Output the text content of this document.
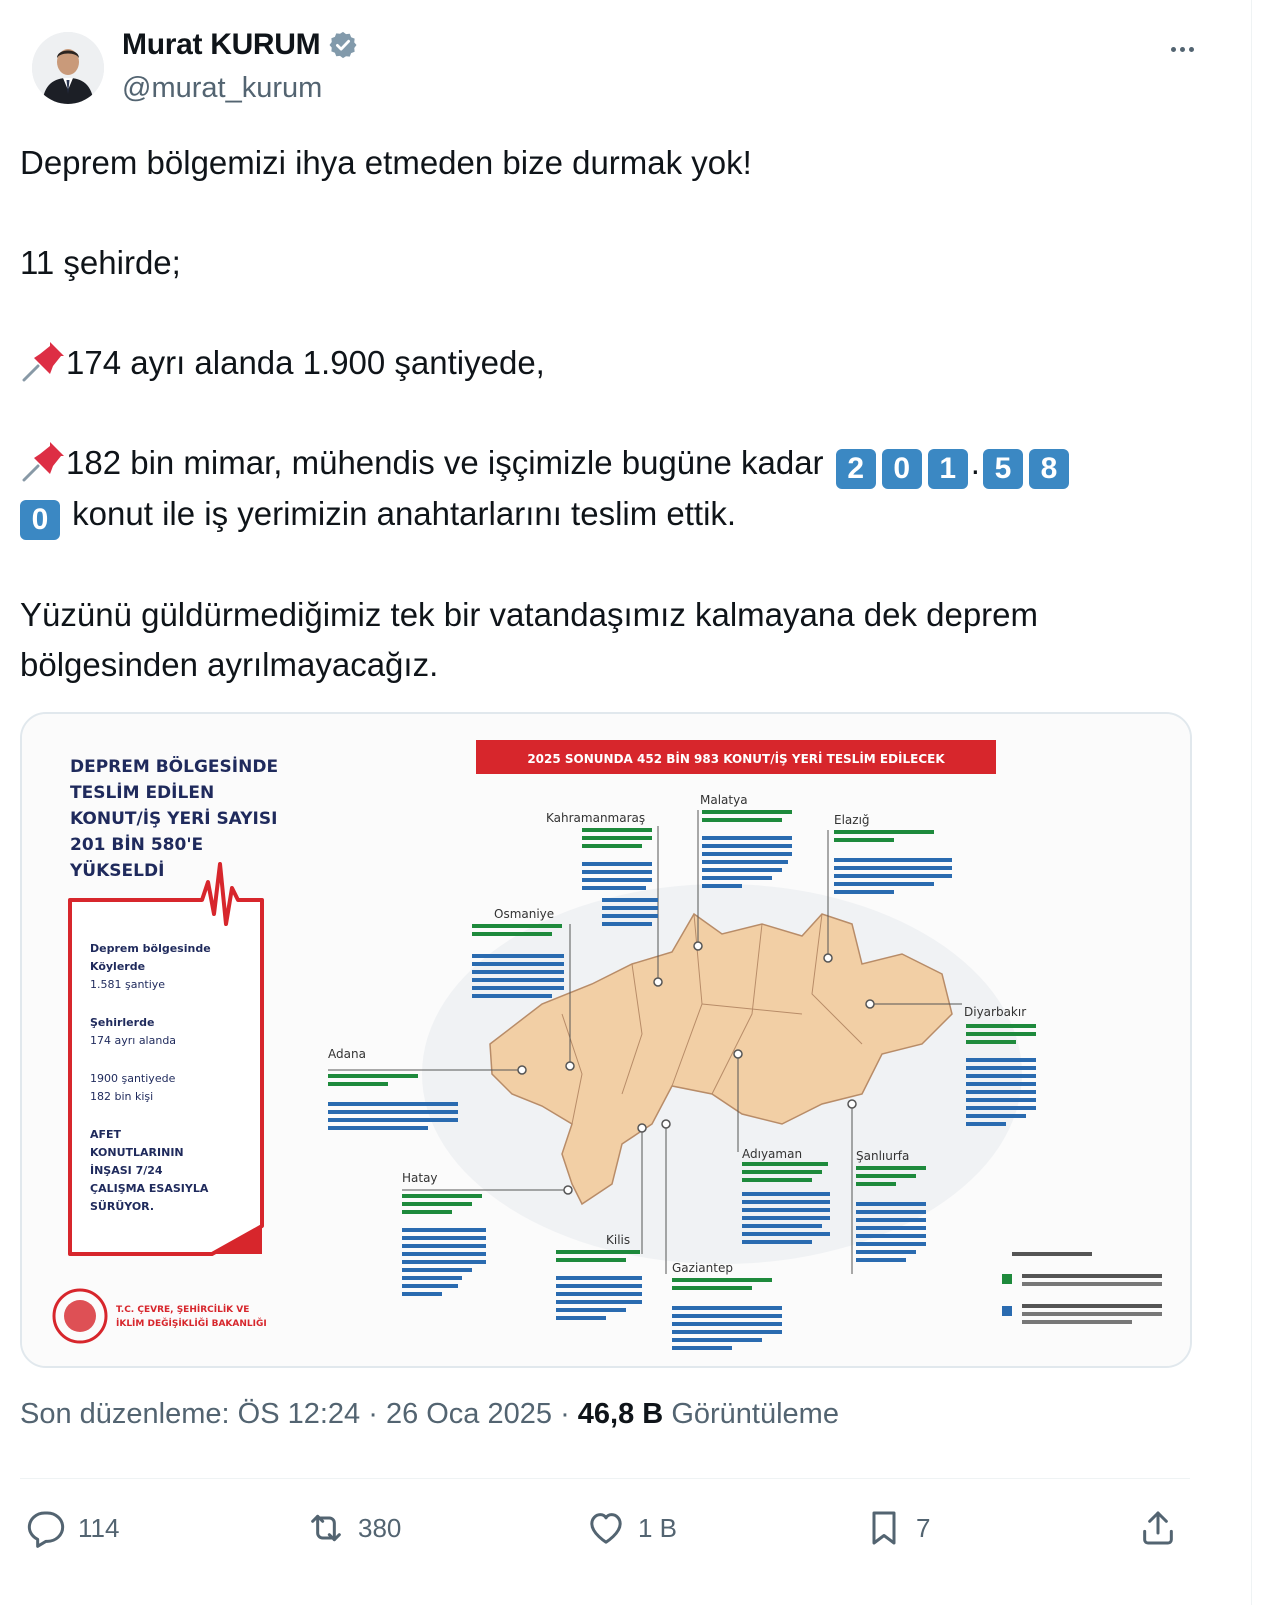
Murat KURUM
@murat_kurum

Deprem bölgemizi ihya etmeden bize durmak yok!

11 şehirde;

174 ayrı alanda 1.900 şantiyede,

182 bin mimar, mühendis ve işçimizle bugüne kadar 2 0 1 . 5 8
0 konut ile iş yerimizin anahtarlarını teslim ettik.

Yüzünü güldürmediğimiz tek bir vatandaşımız kalmayana dek deprem bölgesinden ayrılmayacağız.

DEPREM BÖLGESİNDE
TESLİM EDİLEN
KONUT/İŞ YERİ SAYISI
201 BİN 580'E
YÜKSELDİ
Deprem bölgesinde
Köylerde
1.581 şantiye
Şehirlerde
174 ayrı alanda
1900 şantiyede
182 bin kişi
AFET
KONUTLARININ
İNŞASI 7/24
ÇALIŞMA ESASIYLA
SÜRÜYOR.
T.C. ÇEVRE, ŞEHİRCİLİK VE
İKLİM DEĞİŞİKLİĞİ BAKANLIĞI
2025 SONUNDA 452 BİN 983 KONUT/İŞ YERİ TESLİM EDİLECEK
Kahramanmaraş
Malatya
Elazığ
Osmaniye
Diyarbakır
Adana
Hatay
Adıyaman	Şanlıurfa
Kilis
Gaziantep
Son düzenleme: ÖS 12:24 · 26 Oca 2025 · 46,8 B Görüntüleme
114	380	1 B	7
